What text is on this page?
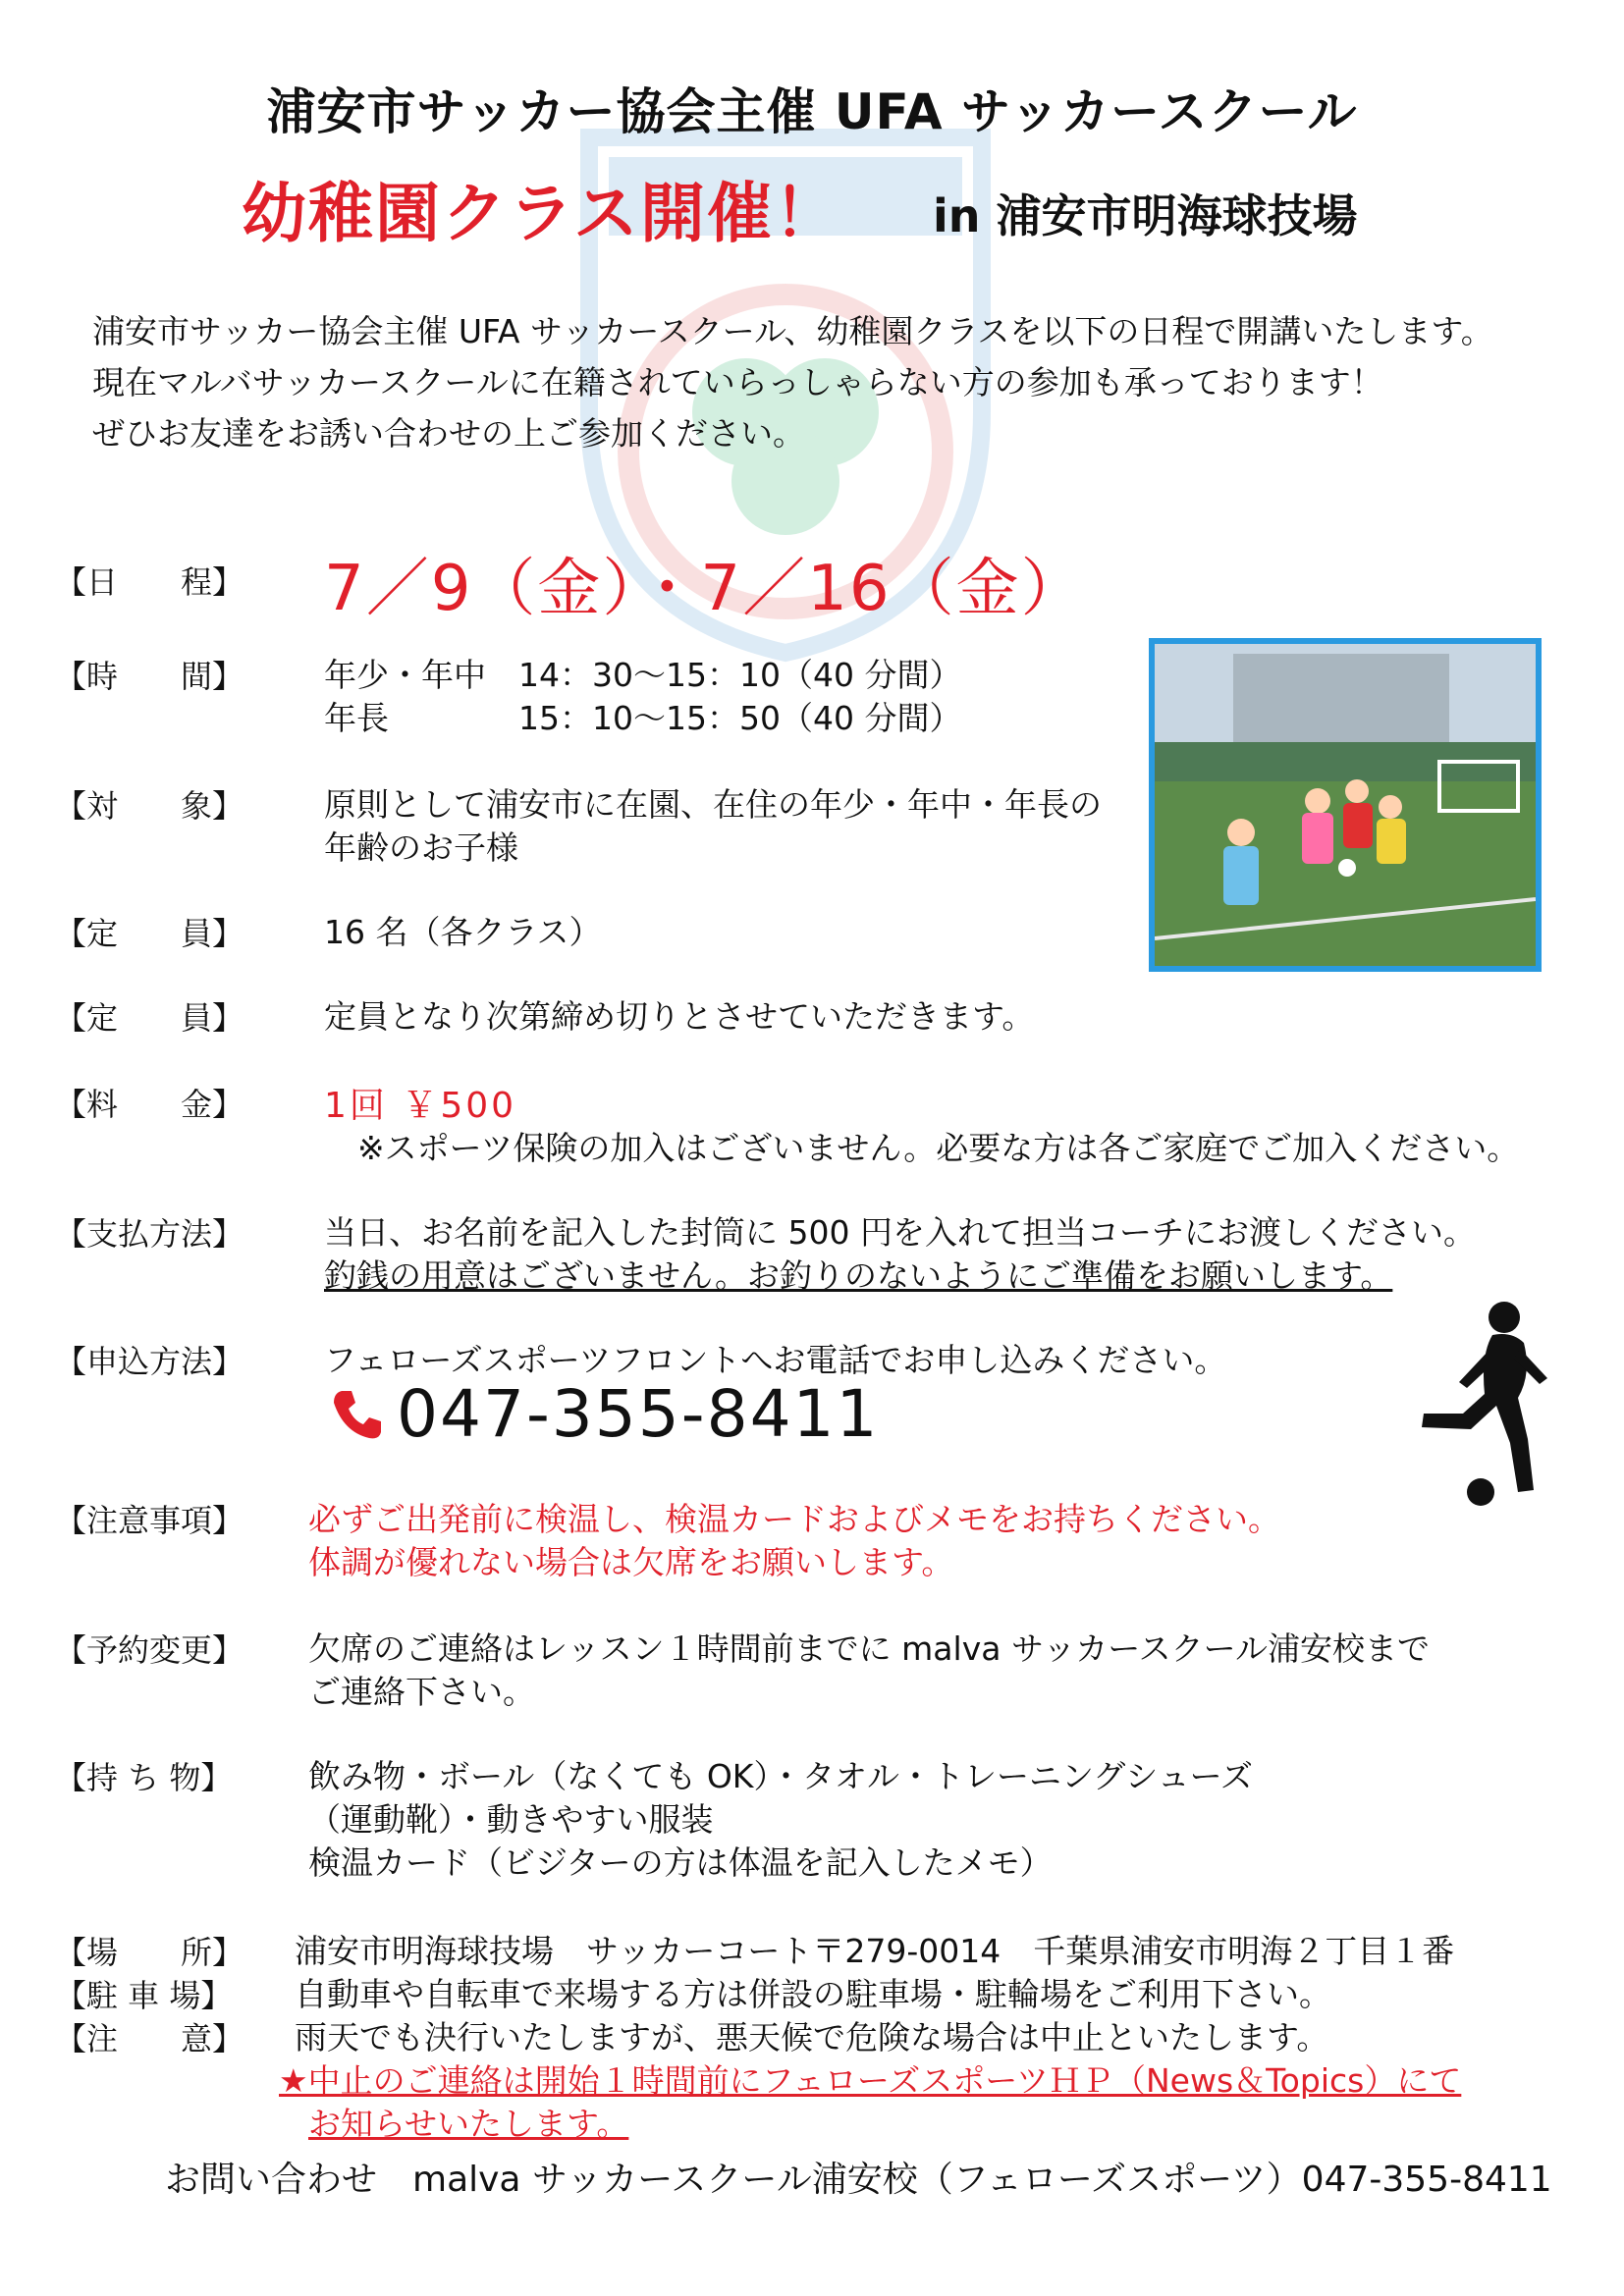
浦安市サッカー協会主催 UFA サッカースクール
幼稚園クラス開催！ in 浦安市明海球技場
浦安市サッカー協会主催 UFA サッカースクール、幼稚園クラスを以下の日程で開講いたします。
現在マルバサッカースクールに在籍されていらっしゃらない方の参加も承っております！
ぜひお友達をお誘い合わせの上ご参加ください。
【日　　程】 7／9（金）・7／16（金）
【時　　間】 年少・年中　14：30〜15：10（40 分間）
年長　　　　15：10〜15：50（40 分間）
【対　　象】 原則として浦安市に在園、在住の年少・年中・年長の
年齢のお子様
【定　　員】 16 名（各クラス）
【定　　員】 定員となり次第締め切りとさせていただきます。
【料　　金】 1回 ￥500
※スポーツ保険の加入はございません。必要な方は各ご家庭でご加入ください。
【支払方法】 当日、お名前を記入した封筒に 500 円を入れて担当コーチにお渡しください。
釣銭の用意はございません。お釣りのないようにご準備をお願いします。
【申込方法】 フェローズスポーツフロントへお電話でお申し込みください。
047-355-8411
【注意事項】 必ずご出発前に検温し、検温カードおよびメモをお持ちください。
体調が優れない場合は欠席をお願いします。
【予約変更】 欠席のご連絡はレッスン１時間前までに malva サッカースクール浦安校まで
ご連絡下さい。
【持 ち 物】 飲み物・ボール（なくても OK）・タオル・トレーニングシューズ
（運動靴）・動きやすい服装
検温カード（ビジターの方は体温を記入したメモ）
【場　　所】 浦安市明海球技場　サッカーコート〒279-0014　千葉県浦安市明海２丁目１番
【駐 車 場】 自動車や自転車で来場する方は併設の駐車場・駐輪場をご利用下さい。
【注　　意】 雨天でも決行いたしますが、悪天候で危険な場合は中止といたします。
★中止のご連絡は開始１時間前にフェローズスポーツＨＰ（News＆Topics）にて
お知らせいたします。
お問い合わせ　malva サッカースクール浦安校（フェローズスポーツ）047-355-8411
